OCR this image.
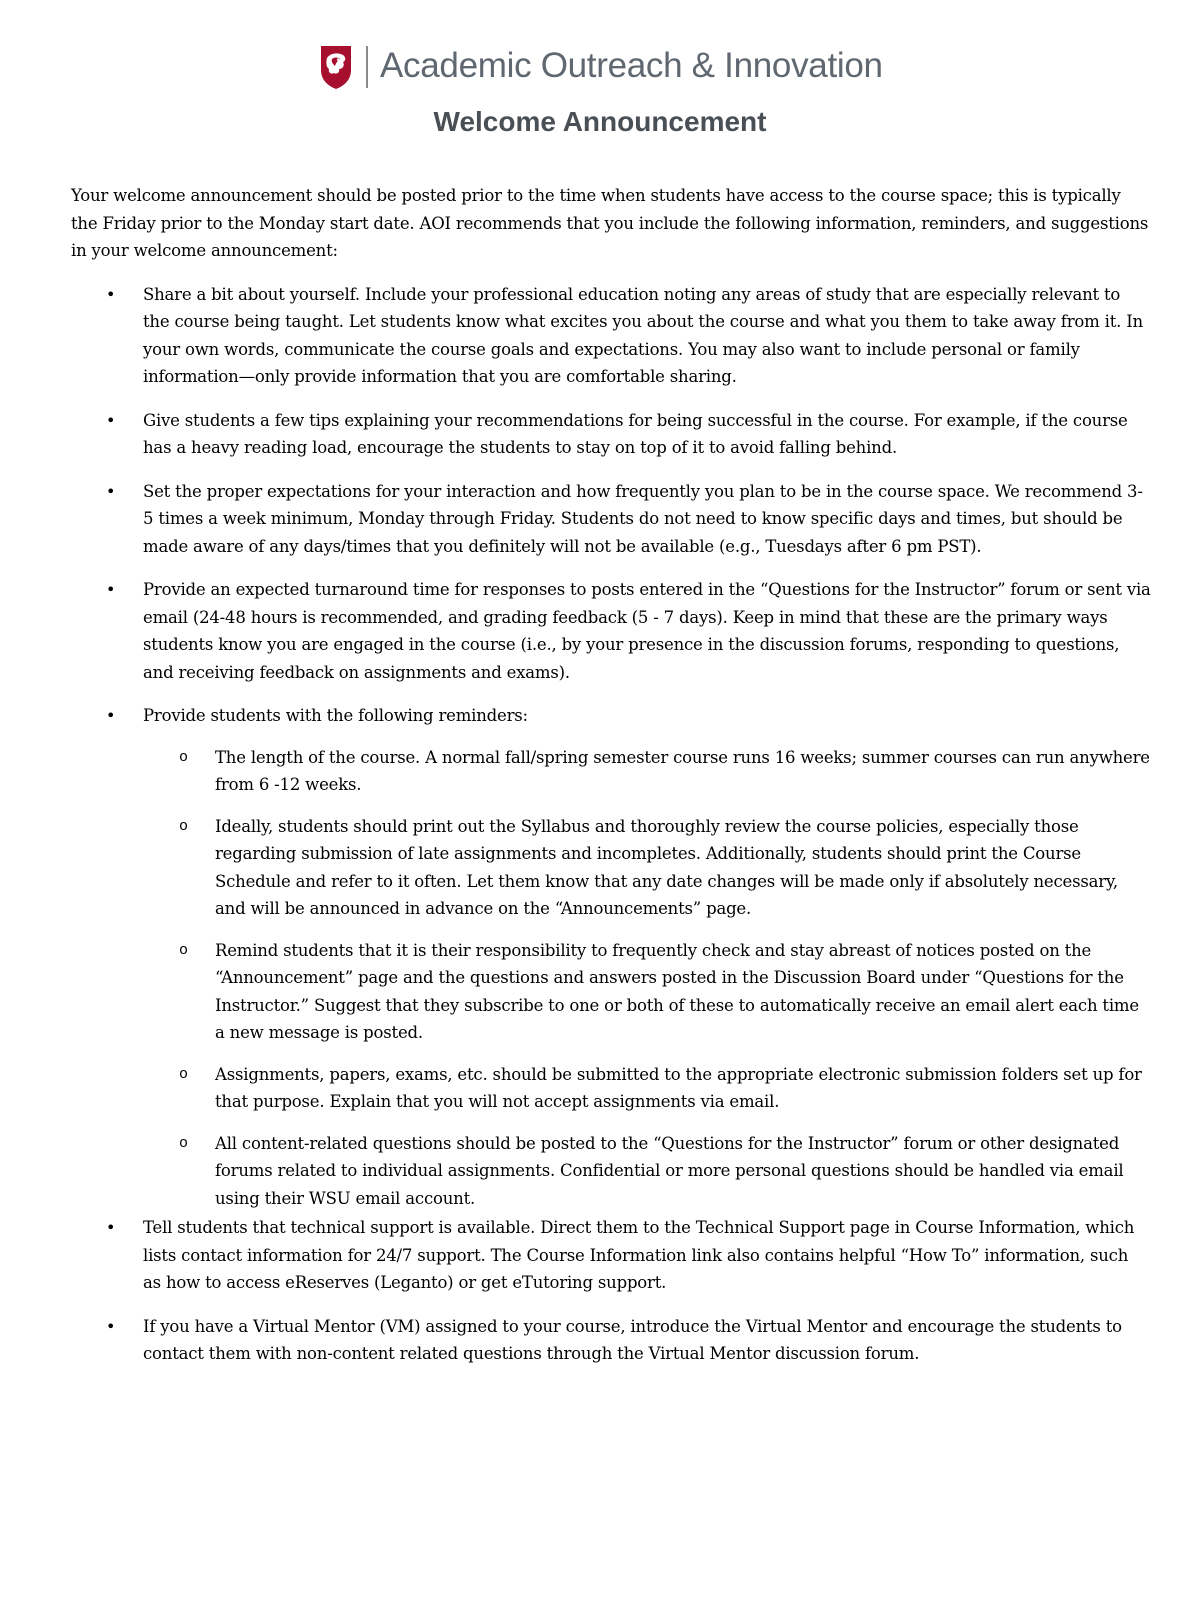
Academic Outreach & Innovation
Welcome Announcement

Your welcome announcement should be posted prior to the time when students have access to the course space; this is typically the Friday prior to the Monday start date. AOI recommends that you include the following information, reminders, and suggestions in your welcome announcement:

• Share a bit about yourself. Include your professional education noting any areas of study that are especially relevant to the course being taught. Let students know what excites you about the course and what you them to take away from it. In your own words, communicate the course goals and expectations. You may also want to include personal or family information—only provide information that you are comfortable sharing.
• Give students a few tips explaining your recommendations for being successful in the course. For example, if the course has a heavy reading load, encourage the students to stay on top of it to avoid falling behind.
• Set the proper expectations for your interaction and how frequently you plan to be in the course space. We recommend 3-5 times a week minimum, Monday through Friday. Students do not need to know specific days and times, but should be made aware of any days/times that you definitely will not be available (e.g., Tuesdays after 6 pm PST).
• Provide an expected turnaround time for responses to posts entered in the “Questions for the Instructor” forum or sent via email (24-48 hours is recommended, and grading feedback (5 - 7 days). Keep in mind that these are the primary ways students know you are engaged in the course (i.e., by your presence in the discussion forums, responding to questions, and receiving feedback on assignments and exams).
• Provide students with the following reminders:
o The length of the course. A normal fall/spring semester course runs 16 weeks; summer courses can run anywhere from 6 -12 weeks.
o Ideally, students should print out the Syllabus and thoroughly review the course policies, especially those regarding submission of late assignments and incompletes. Additionally, students should print the Course Schedule and refer to it often. Let them know that any date changes will be made only if absolutely necessary, and will be announced in advance on the “Announcements” page.
o Remind students that it is their responsibility to frequently check and stay abreast of notices posted on the “Announcement” page and the questions and answers posted in the Discussion Board under “Questions for the Instructor.” Suggest that they subscribe to one or both of these to automatically receive an email alert each time a new message is posted.
o Assignments, papers, exams, etc. should be submitted to the appropriate electronic submission folders set up for that purpose. Explain that you will not accept assignments via email.
o All content-related questions should be posted to the “Questions for the Instructor” forum or other designated forums related to individual assignments. Confidential or more personal questions should be handled via email using their WSU email account.
• Tell students that technical support is available. Direct them to the Technical Support page in Course Information, which lists contact information for 24/7 support. The Course Information link also contains helpful “How To” information, such as how to access eReserves (Leganto) or get eTutoring support.
• If you have a Virtual Mentor (VM) assigned to your course, introduce the Virtual Mentor and encourage the students to contact them with non-content related questions through the Virtual Mentor discussion forum.
